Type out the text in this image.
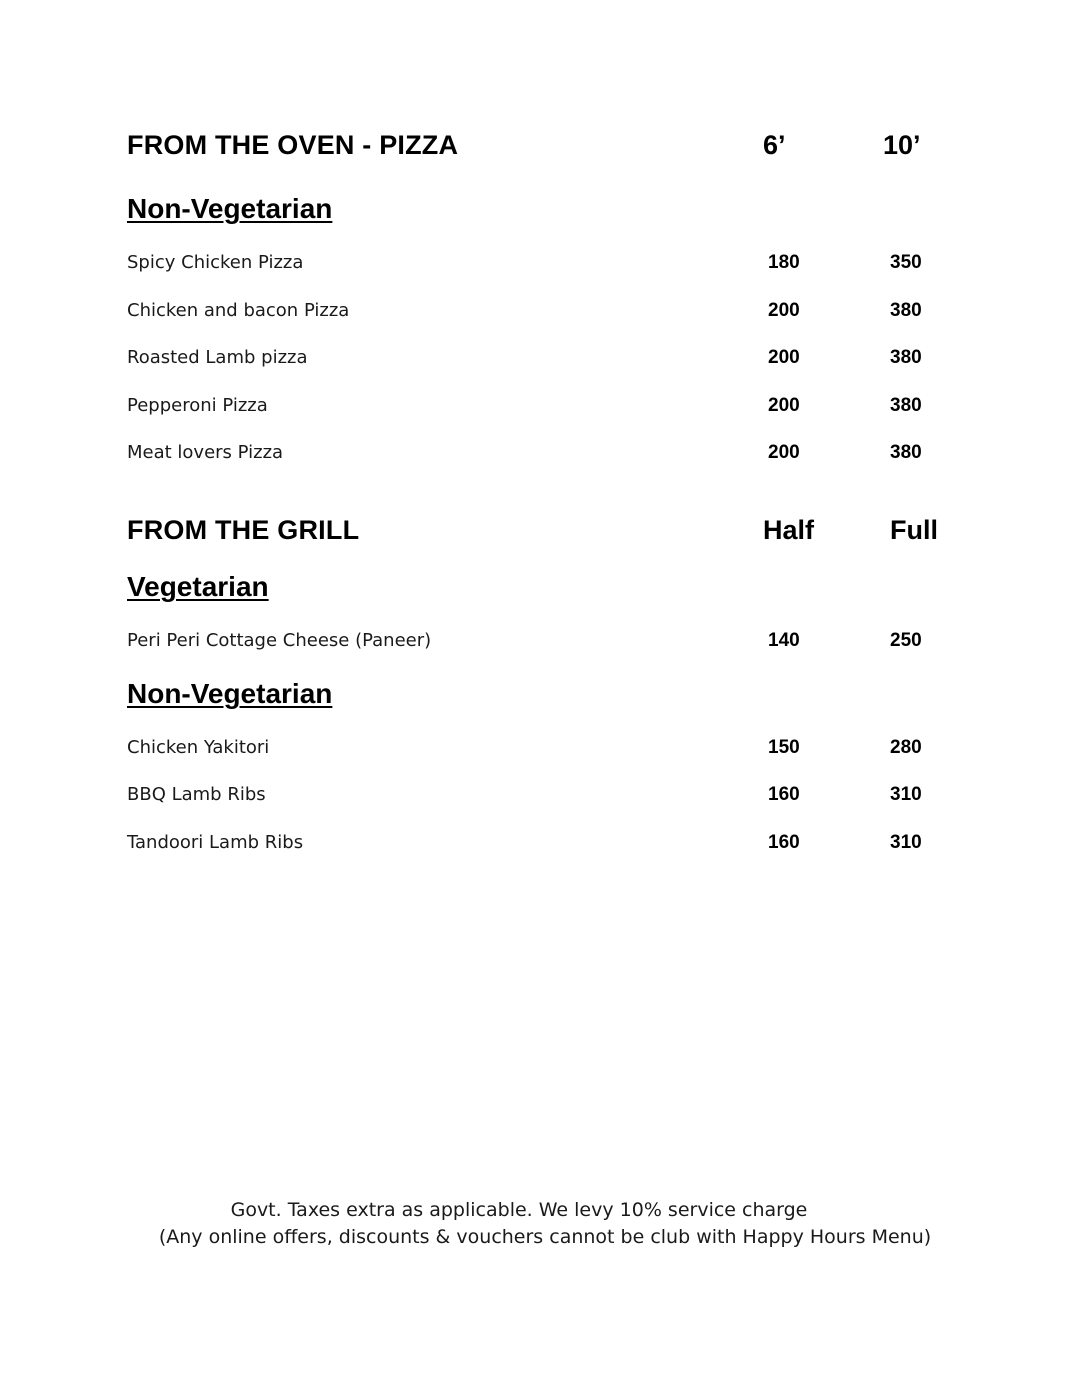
FROM THE OVEN - PIZZA	6’	10’
Non-Vegetarian
Spicy Chicken Pizza	180	350
Chicken and bacon Pizza	200	380
Roasted Lamb pizza	200	380
Pepperoni Pizza	200	380
Meat lovers Pizza	200	380
FROM THE GRILL	Half	Full
Vegetarian
Peri Peri Cottage Cheese (Paneer)	140	250
Non-Vegetarian
Chicken Yakitori	150	280
BBQ Lamb Ribs	160	310
Tandoori Lamb Ribs	160	310
Govt. Taxes extra as applicable. We levy 10% service charge
(Any online offers, discounts & vouchers cannot be club with Happy Hours Menu)
